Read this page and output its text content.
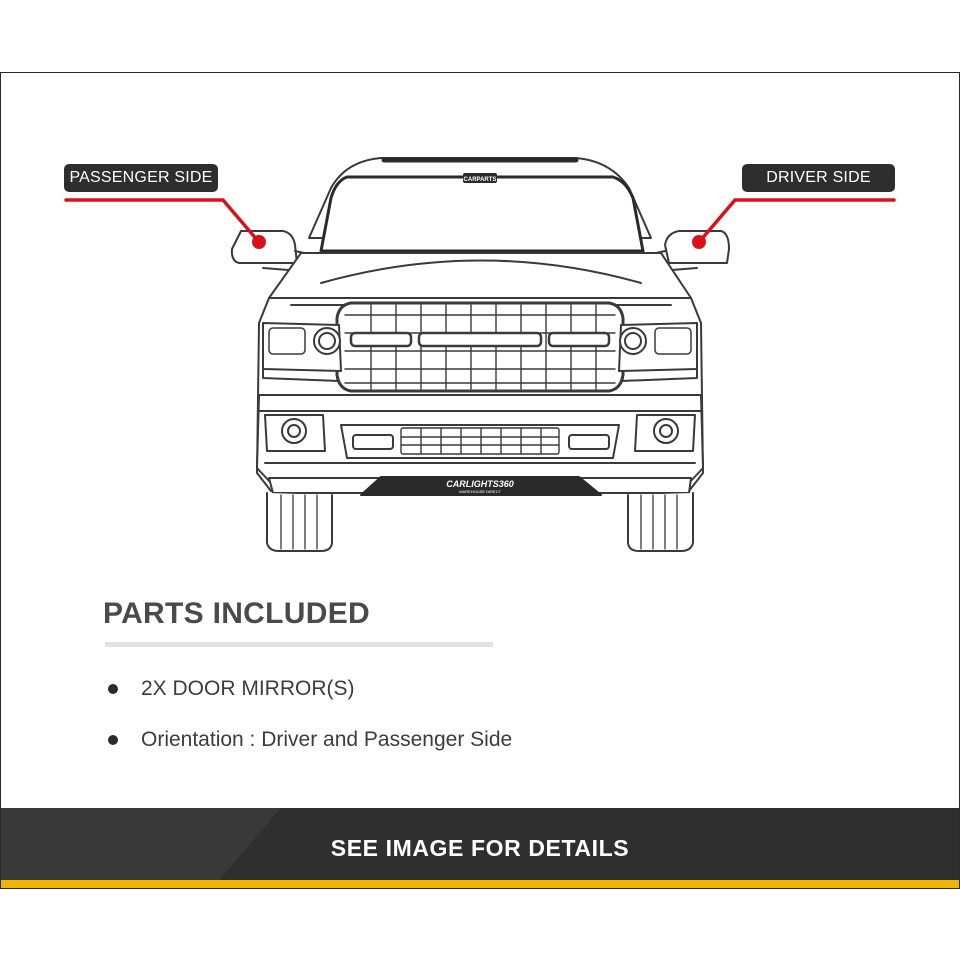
CARPARTS
CARLIGHTS360
WAREHOUSE DIRECT
PASSENGER SIDE	DRIVER SIDE
PARTS INCLUDED
2X DOOR MIRROR(S)
Orientation : Driver and Passenger Side
SEE IMAGE FOR DETAILS
